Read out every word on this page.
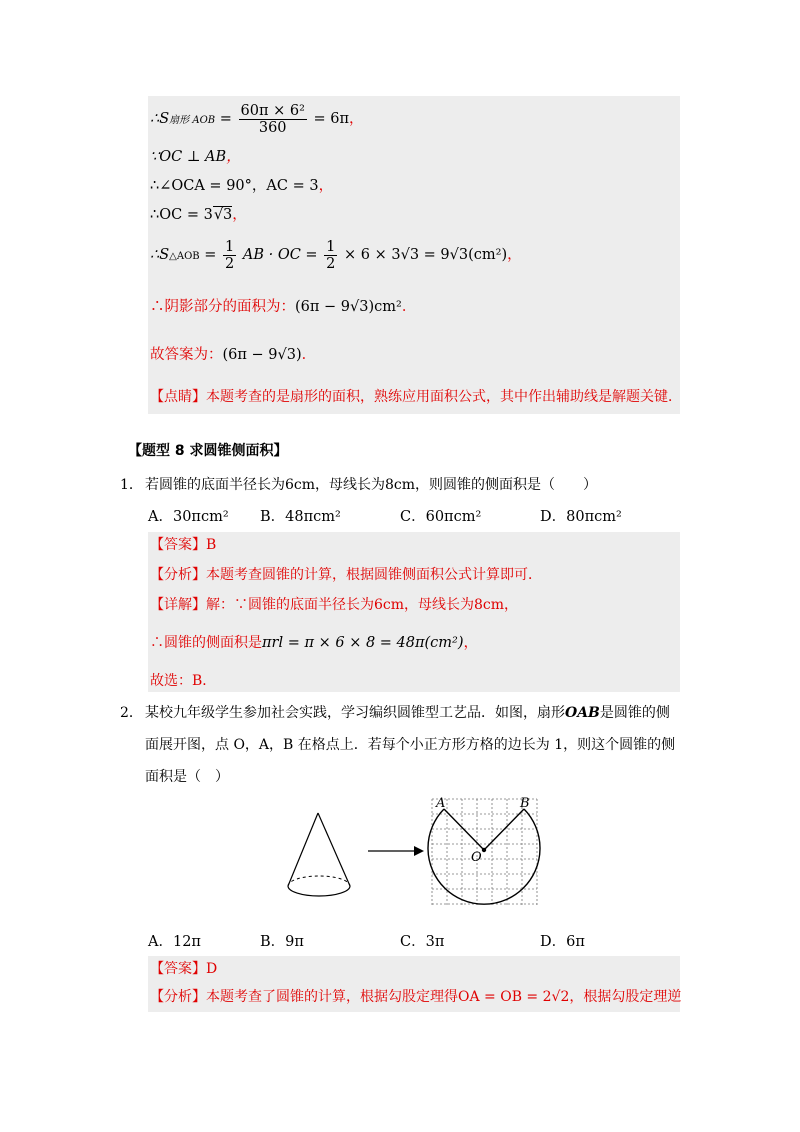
∴S扇形 AOB = $\frac{\text{60π × 6²}}{360} = 6\pi$，
∵OC ⊥ AB，
∴∠OCA = 90°，AC = 3，
∴OC = 3√3，
∴S△AOB = $\frac{1}{2}$ AB · OC = $\frac{1}{2} \times 6 \times 3√3 = 9√3(cm^2)$，
∴阴影部分的面积为：(6π − 9√3)cm²．
故答案为：(6π − 9√3)．
【点睛】本题考查的是扇形的面积，熟练应用面积公式，其中作出辅助线是解题关键．
【题型 8 求圆锥侧面积】
1． 若圆锥的底面半径长为6cm，母线长为8cm，则圆锥的侧面积是（　　）
A．30πcm² B．48πcm²	C．60πcm²	D．80πcm²
【答案】B
【分析】本题考查圆锥的计算，根据圆锥侧面积公式计算即可．
【详解】解：∵圆锥的底面半径长为6cm，母线长为8cm，
∴圆锥的侧面积是πrl = π × 6 × 8 = 48π(cm²)，
故选：B．
2． 某校九年级学生参加社会实践，学习编织圆锥型工艺品．如图，扇形OAB是圆锥的侧
面展开图，点 O，A，B 在格点上．若每个小正方形方格的边长为 1，则这个圆锥的侧
面积是（　）
A	B
O
A．12π	B．9π	C．3π	D．6π
【答案】D
【分析】本题考查了圆锥的计算，根据勾股定理得OA = OB = 2√2，根据勾股定理逆
